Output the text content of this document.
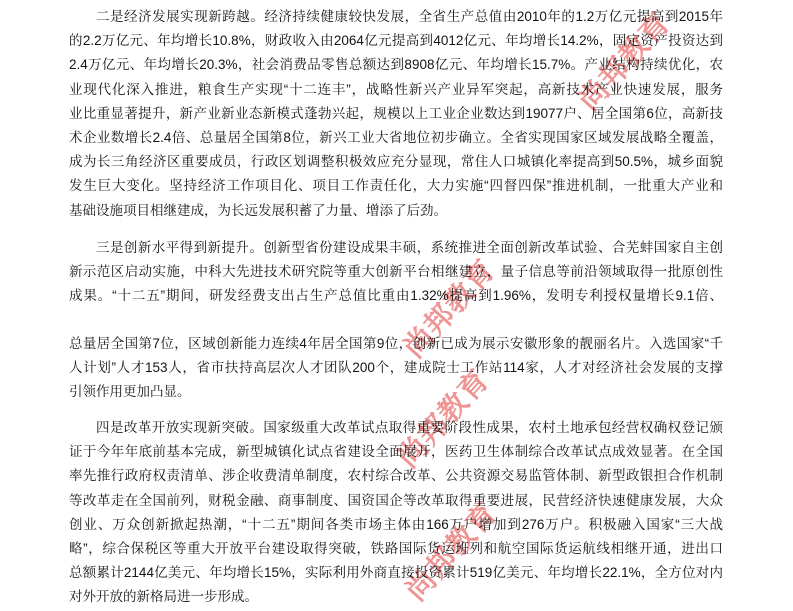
尚邦教育
尚邦教育
尚邦教育
尚邦教育
二是经济发展实现新跨越。经济持续健康较快发展，全省生产总值由2010年的1.2万亿元提高到2015年
的2.2万亿元、年均增长10.8%，财政收入由2064亿元提高到4012亿元、年均增长14.2%，固定资产投资达到
2.4万亿元、年均增长20.3%，社会消费品零售总额达到8908亿元、年均增长15.7%。产业结构持续优化，农
业现代化深入推进，粮食生产实现“十二连丰”，战略性新兴产业异军突起，高新技术产业快速发展，服务
业比重显著提升，新产业新业态新模式蓬勃兴起，规模以上工业企业数达到19077户、居全国第6位，高新技
术企业数增长2.4倍、总量居全国第8位，新兴工业大省地位初步确立。全省实现国家区域发展战略全覆盖，
成为长三角经济区重要成员，行政区划调整积极效应充分显现，常住人口城镇化率提高到50.5%，城乡面貌
发生巨大变化。坚持经济工作项目化、项目工作责任化，大力实施“四督四保”推进机制，一批重大产业和
基础设施项目相继建成，为长远发展积蓄了力量、增添了后劲。
三是创新水平得到新提升。创新型省份建设成果丰硕，系统推进全面创新改革试验、合芜蚌国家自主创
新示范区启动实施，中科大先进技术研究院等重大创新平台相继建立，量子信息等前沿领域取得一批原创性
成果。“十二五”期间，研发经费支出占生产总值比重由1.32%提高到1.96%，发明专利授权量增长9.1倍、
总量居全国第7位，区域创新能力连续4年居全国第9位，创新已成为展示安徽形象的靓丽名片。入选国家“千
人计划”人才153人，省市扶持高层次人才团队200个，建成院士工作站114家，人才对经济社会发展的支撑
引领作用更加凸显。
四是改革开放实现新突破。国家级重大改革试点取得重要阶段性成果，农村土地承包经营权确权登记颁
证于今年年底前基本完成，新型城镇化试点省建设全面展开，医药卫生体制综合改革试点成效显著。在全国
率先推行政府权责清单、涉企收费清单制度，农村综合改革、公共资源交易监管体制、新型政银担合作机制
等改革走在全国前列，财税金融、商事制度、国资国企等改革取得重要进展，民营经济快速健康发展，大众
创业、万众创新掀起热潮，“十二五”期间各类市场主体由166万户增加到276万户。积极融入国家“三大战
略”，综合保税区等重大开放平台建设取得突破，铁路国际货运班列和航空国际货运航线相继开通，进出口
总额累计2144亿美元、年均增长15%，实际利用外商直接投资累计519亿美元、年均增长22.1%，全方位对内
对外开放的新格局进一步形成。
